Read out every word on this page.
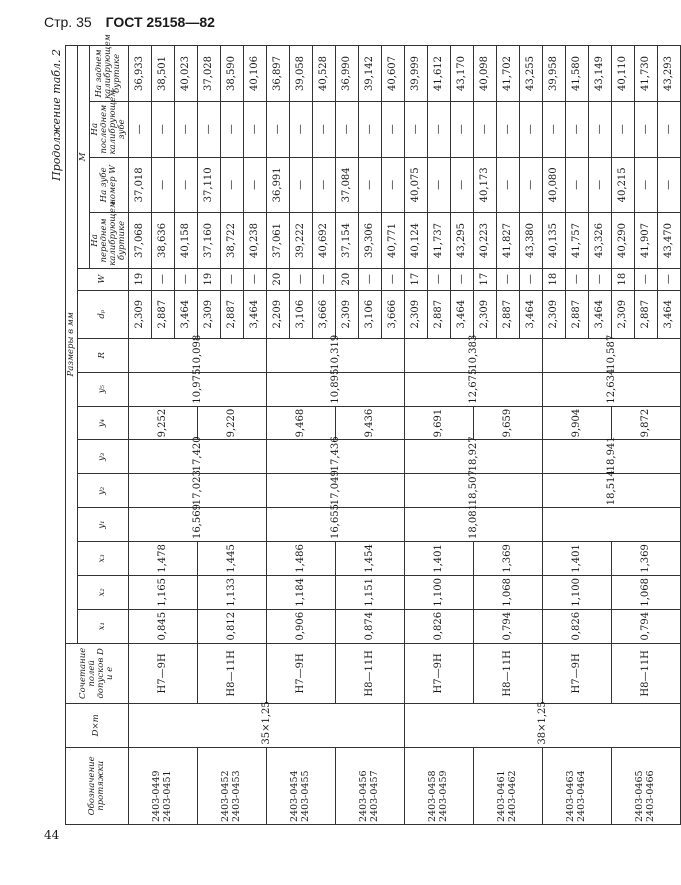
Стр. 35 ГОСТ 25158—82
44
Продолжение табл. 2
Обозначение протяжки	D×m	Сочетание полей допусков D и e	Размеры в мм														
			x₁	x₂	x₃	y₁	y₂	y₃	y₄	y₅	R	dₚ	W	M			
														На переднем калибрующем буртике	На зубе номер W	На последнем калибрующем зубе	На заднем калибрующем буртике
2403-0449 2403-0451	35×1,25	H7—9H	0,845	1,165	1,478	16,569	17,023	17,420	9,252	10,975	10,098	2,309	19	37,068	37,018	—	36,933
												2,887	—	38,636	—	—	38,501
												3,464	—	40,158	—	—	40,023
2403-0452 2403-0453		H8—11H	0,812	1,133	1,445				9,220			2,309	19	37,160	37,110	—	37,028
												2,887	—	38,722	—	—	38,590
												3,464	—	40,238	—	—	40,106
2403-0454 2403-0455		H7—9H	0,906	1,184	1,486	16,655	17,049	17,436	9,468	10,895	10,319	2,209	20	37,061	36,991	—	36,897
												3,106	—	39,222	—	—	39,058
												3,666	—	40,692	—	—	40,528
2403-0456 2403-0457		H8—11H	0,874	1,151	1,454				9,436			2,309	20	37,154	37,084	—	36,990
												3,106	—	39,306	—	—	39,142
												3,666	—	40,771	—	—	40,607
2403-0458 2403-0459	38×1,25	H7—9H	0,826	1,100	1,401	18,081	18,507	18,927	9,691	12,675	10,383	2,309	17	40,124	40,075	—	39,999
												2,887	—	41,737	—	—	41,612
												3,464	—	43,295	—	—	43,170
2403-0461 2403-0462		H8—11H	0,794	1,068	1,369				9,659			2,309	17	40,223	40,173	—	40,098
												2,887	—	41,827	—	—	41,702
												3,464	—	43,380	—	—	43,255
2403-0463 2403-0464		H7—9H	0,826	1,100	1,401		18,514	18,941	9,904	12,634	10,587	2,309	18	40,135	40,080	—	39,958
												2,887	—	41,757	—	—	41,580
												3,464	—	43,326	—	—	43,149
2403-0465 2403-0466		H8—11H	0,794	1,068	1,369				9,872			2,309	18	40,290	40,215	—	40,110
												2,887	—	41,907	—	—	41,730
												3,464	—	43,470	—	—	43,293
